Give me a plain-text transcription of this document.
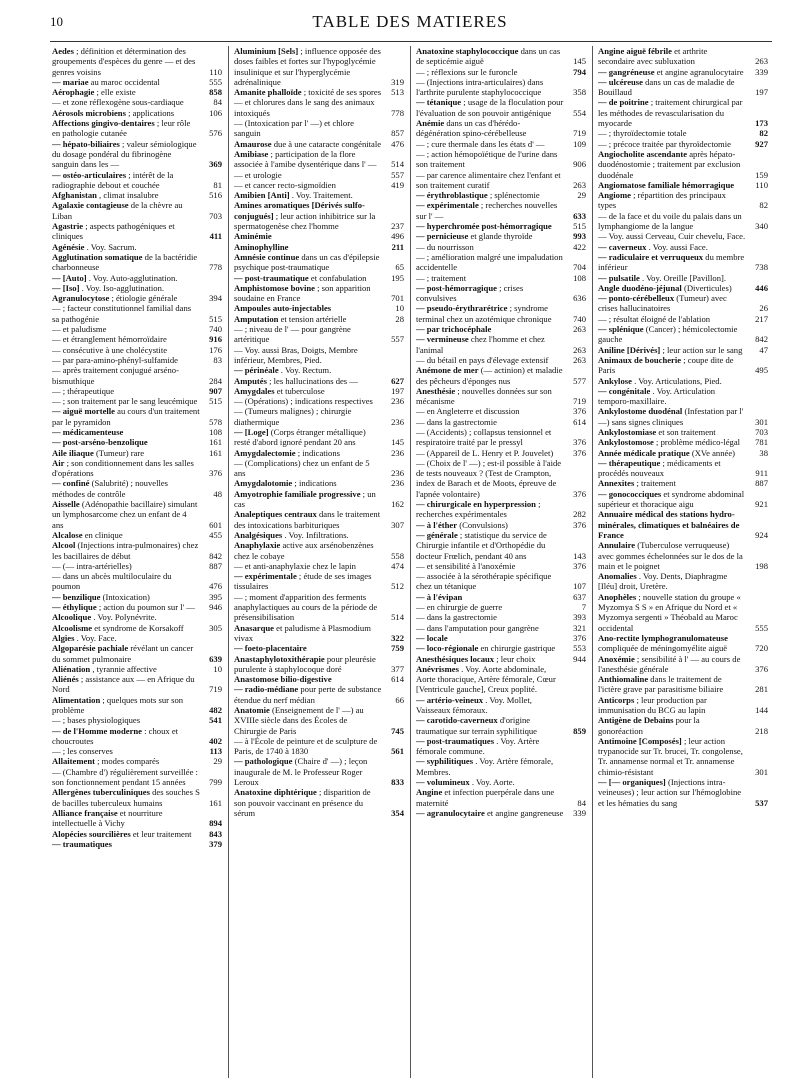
10	TABLE DES MATIERES
Aedes ; définition et détermination des groupements d'espèces du genre — et des genres voisins	110
— mariae au maroc occidental	555
Aérophagie ; elle existe	858
— et zone réflexogène sous-cardiaque	84
Aérosols microbiens ; applications	106
Affections gingivo-dentaires ; leur rôle en pathologie cutanée	576
— hépato-biliaires ; valeur sémiologique du dosage pondéral du fibrinogène sanguin dans les —	369
— ostéo-articulaires ; intérêt de la radiographie debout et couchée	81
Afghanistan , climat insalubre	516
Agalaxie contagieuse de la chèvre au Liban	703
Agastrie ; aspects pathogéniques et cliniques	411
Agénésie . Voy. Sacrum.
Agglutination somatique de la bactéridie charbonneuse	778
— [Auto] . Voy. Auto-agglutination.
— [Iso] . Voy. Iso-agglutination.
Agranulocytose ; étiologie générale	394
— ; facteur constitutionnel familial dans sa pathogénie	515
— et paludisme	740
— et étranglement hémorroïdaire	916
— consécutive à une cholécystite	176
— par para-amino-phényl-sulfamide	83
— après traitement conjugué arséno-bismuthique	284
— ; thérapeutique	907
— ; son traitement par le sang leucémique	515
— aiguë mortelle au cours d'un traitement par le pyramidon	578
— médicamenteuse	108
— post-arséno-benzolique	161
Aile iliaque (Tumeur) rare	161
Air ; son conditionnement dans les salles d'opérations	376
— confiné (Salubrité) ; nouvelles méthodes de contrôle	48
Aisselle (Adénopathie bacillaire) simulant un lymphosarcome chez un enfant de 4 ans	601
Alcalose en clinique	455
Alcool (Injections intra-pulmonaires) chez les bacillaires de début	842
— (— intra-artérielles)	887
— dans un abcès multiloculaire du poumon	476
— benzilique (Intoxication)	395
— éthylique ; action du poumon sur l' —	946
Alcoolique . Voy. Polynévrite.
Alcoolisme et syndrome de Korsakoff	305
Algies . Voy. Face.
Algoparésie pachiale révélant un cancer du sommet pulmonaire	639
Aliénation , tyrannie affective	10
Aliénés ; assistance aux — en Afrique du Nord	719
Alimentation ; quelques mots sur son problème	482
— ; bases physiologiques	541
— de l'Homme moderne : choux et choucroutes	402
— ; les conserves	113
Allaitement ; modes comparés	29
— (Chambre d') régulièrement surveillée : son fonctionnement pendant 15 années	799
Allergènes tuberculiniques des souches S de bacilles tuberculeux humains	161
Alliance française et nourriture intellectuelle à Vichy	894
Alopécies sourcilières et leur traitement	843
— traumatiques	379
Aluminium [Sels] ; influence opposée des doses faibles et fortes sur l'hypoglycémie insulinique et sur l'hyperglycémie adrénalinique	319
Amanite phalloïde ; toxicité de ses spores	513
— et chlorures dans le sang des animaux intoxiqués	778
— (Intoxication par l' —) et chlore sanguin	857
Amaurose due à une cataracte congénitale	476
Amibiase ; participation de la flore associée à l'amibe dysentérique dans l' —	514
— et urologie	557
— et cancer recto-sigmoïdien	419
Amibien [Anti] . Voy. Traitement.
Amines aromatiques [Dérivés sulfo-conjugués] ; leur action inhibitrice sur la spermatogenèse chez l'homme	237
Aminémie	496
Aminophylline	211
Amnésie continue dans un cas d'épilepsie psychique post-traumatique	65
— post-traumatique et confabulation	195
Amphistomose bovine ; son apparition soudaine en France	701
Ampoules auto-injectables	10
Amputation et tension artérielle	28
— ; niveau de l' — pour gangrène artéritique	557
— Voy. aussi Bras, Doigts, Membre inférieur, Membres, Pied.
— périnéale . Voy. Rectum.
Amputés ; les hallucinations des —	627
Amygdales et tuberculose	197
— (Opérations) ; indications respectives	236
— (Tumeurs malignes) ; chirurgie diathermique	236
— [Loge] (Corps étranger métallique) resté d'abord ignoré pendant 20 ans	145
Amygdalectomie ; indications	236
— (Complications) chez un enfant de 5 ans	236
Amygdalotomie ; indications	236
Amyotrophie familiale progressive ; un cas	162
Analeptiques centraux dans le traitement des intoxications barbituriques	307
Analgésiques . Voy. Infiltrations.
Anaphylaxie active aux arsénobenzènes chez le cobaye	558
— et anti-anaphylaxie chez le lapin	474
— expérimentale ; étude de ses images tissulaires	512
— ; moment d'apparition des ferments anaphylactiques au cours de la période de présensibilisation	514
Anasarque et paludisme à Plasmodium vivax	322
— foeto-placentaire	759
Anastaphylotoxithérapie pour pleurésie purulente à staphylocoque doré	377
Anastomose bilio-digestive	614
— radio-médiane pour perte de substance étendue du nerf médian	66
Anatomie (Enseignement de l' —) au XVIIIe siècle dans des Écoles de Chirurgie de Paris	745
— à l'École de peinture et de sculpture de Paris, de 1740 à 1830	561
— pathologique (Chaire d' —) ; leçon inaugurale de M. le Professeur Roger Leroux	833
Anatoxine diphtérique ; disparition de son pouvoir vaccinant en présence du sérum	354
Anatoxine staphylococcique dans un cas de septicémie aiguë	145
— ; réflexions sur le furoncle	794
— (Injections intra-articulaires) dans l'arthrite purulente staphylococcique	358
— tétanique ; usage de la floculation pour l'évaluation de son pouvoir antigénique	554
Anémie dans un cas d'hérédo-dégénération spino-cérébelleuse	719
— ; cure thermale dans les états d' —	109
— ; action hémopoïétique de l'urine dans son traitement	906
— par carence alimentaire chez l'enfant et son traitement curatif	263
— érythroblastique ; splénectomie	29
— expérimentale ; recherches nouvelles sur l' —	633
— hyperchromée post-hémorragique	515
— pernicieuse et glande thyroïde	993
— du nourrisson	422
— ; amélioration malgré une impaludation accidentelle	704
— ; traitement	108
— post-hémorragique ; crises convulsives	636
— pseudo-érythrarétrice ; syndrome terminal chez un azotémique chronique	740
— par trichocéphale	263
— vermineuse chez l'homme et chez l'animal	263
— du bétail en pays d'élevage extensif	263
Anémone de mer (— actinion) et maladie des pêcheurs d'éponges nus	577
Anesthésie ; nouvelles données sur son mécanisme	719
— en Angleterre et discussion	376
— dans la gastrectomie	614
— (Accidents) ; collapsus tensionnel et respiratoire traité par le pressyl	376
— (Appareil de L. Henry et P. Jouvelet)	376
— (Choix de l' —) ; est-il possible à l'aide de tests nouveaux ? (Test de Crampton, index de Barach et de Moots, épreuve de l'apnée volontaire)	376
— chirurgicale en hyperpression ; recherches expérimentales	282
— à l'éther (Convulsions)	376
— générale ; statistique du service de Chirurgie infantile et d'Orthopédie du docteur Frœlich, pendant 40 ans	143
— et sensibilité à l'anoxémie	376
— associée à la sérothérapie spécifique chez un tétanique	107
— à l'évipan	637
— en chirurgie de guerre	7
— dans la gastrectomie	393
— dans l'amputation pour gangrène	321
— locale	376
— loco-régionale en chirurgie gastrique	553
Anesthésiques locaux ; leur choix	944
Anévrismes . Voy. Aorte abdominale, Aorte thoracique, Artère fémorale, Cœur [Ventricule gauche], Creux poplité.
— artério-veineux . Voy. Mollet, Vaisseaux fémoraux.
— carotido-caverneux d'origine traumatique sur terrain syphilitique	859
— post-traumatiques . Voy. Artère fémorale commune.
— syphilitiques . Voy. Artère fémorale, Membres.
— volumineux . Voy. Aorte.
Angine et infection puerpérale dans une maternité	84
— agranulocytaire et angine gangreneuse	339
Angine aiguë fébrile et arthrite secondaire avec subluxation	263
— gangréneuse et angine agranulocytaire	339
— ulcéreuse dans un cas de maladie de Bouillaud	197
— de poitrine ; traitement chirurgical par les méthodes de revascularisation du myocarde	173
— ; thyroïdectomie totale	82
— ; précoce traitée par thyroïdectomie	927
Angiocholite ascendante après hépato-duodénostomie ; traitement par exclusion duodénale	159
Angiomatose familiale hémorragique	110
Angiome ; répartition des principaux types	82
— de la face et du voile du palais dans un lymphangiome de la langue	340
— Voy. aussi Cerveau, Cuir chevelu, Face.
— caverneux . Voy. aussi Face.
— radiculaire et verruqueux du membre inférieur	738
— pulsatile . Voy. Oreille [Pavillon].
Angle duodéno-jéjunal (Diverticules)	446
— ponto-cérébelleux (Tumeur) avec crises hallucinatoires	26
— ; résultat éloigné de l'ablation	217
— splénique (Cancer) ; hémicolectomie gauche	842
Aniline [Dérivés] ; leur action sur le sang	47
Animaux de boucherie ; coupe dite de Paris	495
Ankylose . Voy. Articulations, Pied.
— congénitale . Voy. Articulation temporo-maxillaire.
Ankylostome duodénal (Infestation par l' —) sans signes cliniques	301
Ankylostomiase et son traitement	703
Ankylostomose ; problème médico-légal	781
Année médicale pratique (XVe année)	38
— thérapeutique ; médicaments et procédés nouveaux	911
Annexites ; traitement	887
— gonococciques et syndrome abdominal supérieur et thoracique aigu	921
Annuaire médical des stations hydro-minérales, climatiques et balnéaires de France	924
Annulaire (Tuberculose verruqueuse) avec gommes échelonnées sur le dos de la main et le poignet	198
Anomalies . Voy. Dents, Diaphragme [Iléu] droit, Uretère.
Anophèles ; nouvelle station du groupe « Myzomya S S » en Afrique du Nord et « Myzomya sergenti » Théobald au Maroc occidental	555
Ano-rectite lymphogranulomateuse compliquée de méningomyélite aiguë	720
Anoxémie ; sensibilité à l' — au cours de l'anesthésie générale	376
Anthiomaline dans le traitement de l'ictère grave par parasitisme biliaire	281
Anticorps ; leur production par immunisation du BCG au lapin	144
Antigène de Debains pour la gonoréaction	218
Antimoine [Composés] ; leur action trypanocide sur Tr. brucei, Tr. congolense, Tr. annamense normal et Tr. annamense chimio-résistant	301
— [— organiques] (Injections intra-veineuses) ; leur action sur l'hémoglobine et les hématies du sang	537
